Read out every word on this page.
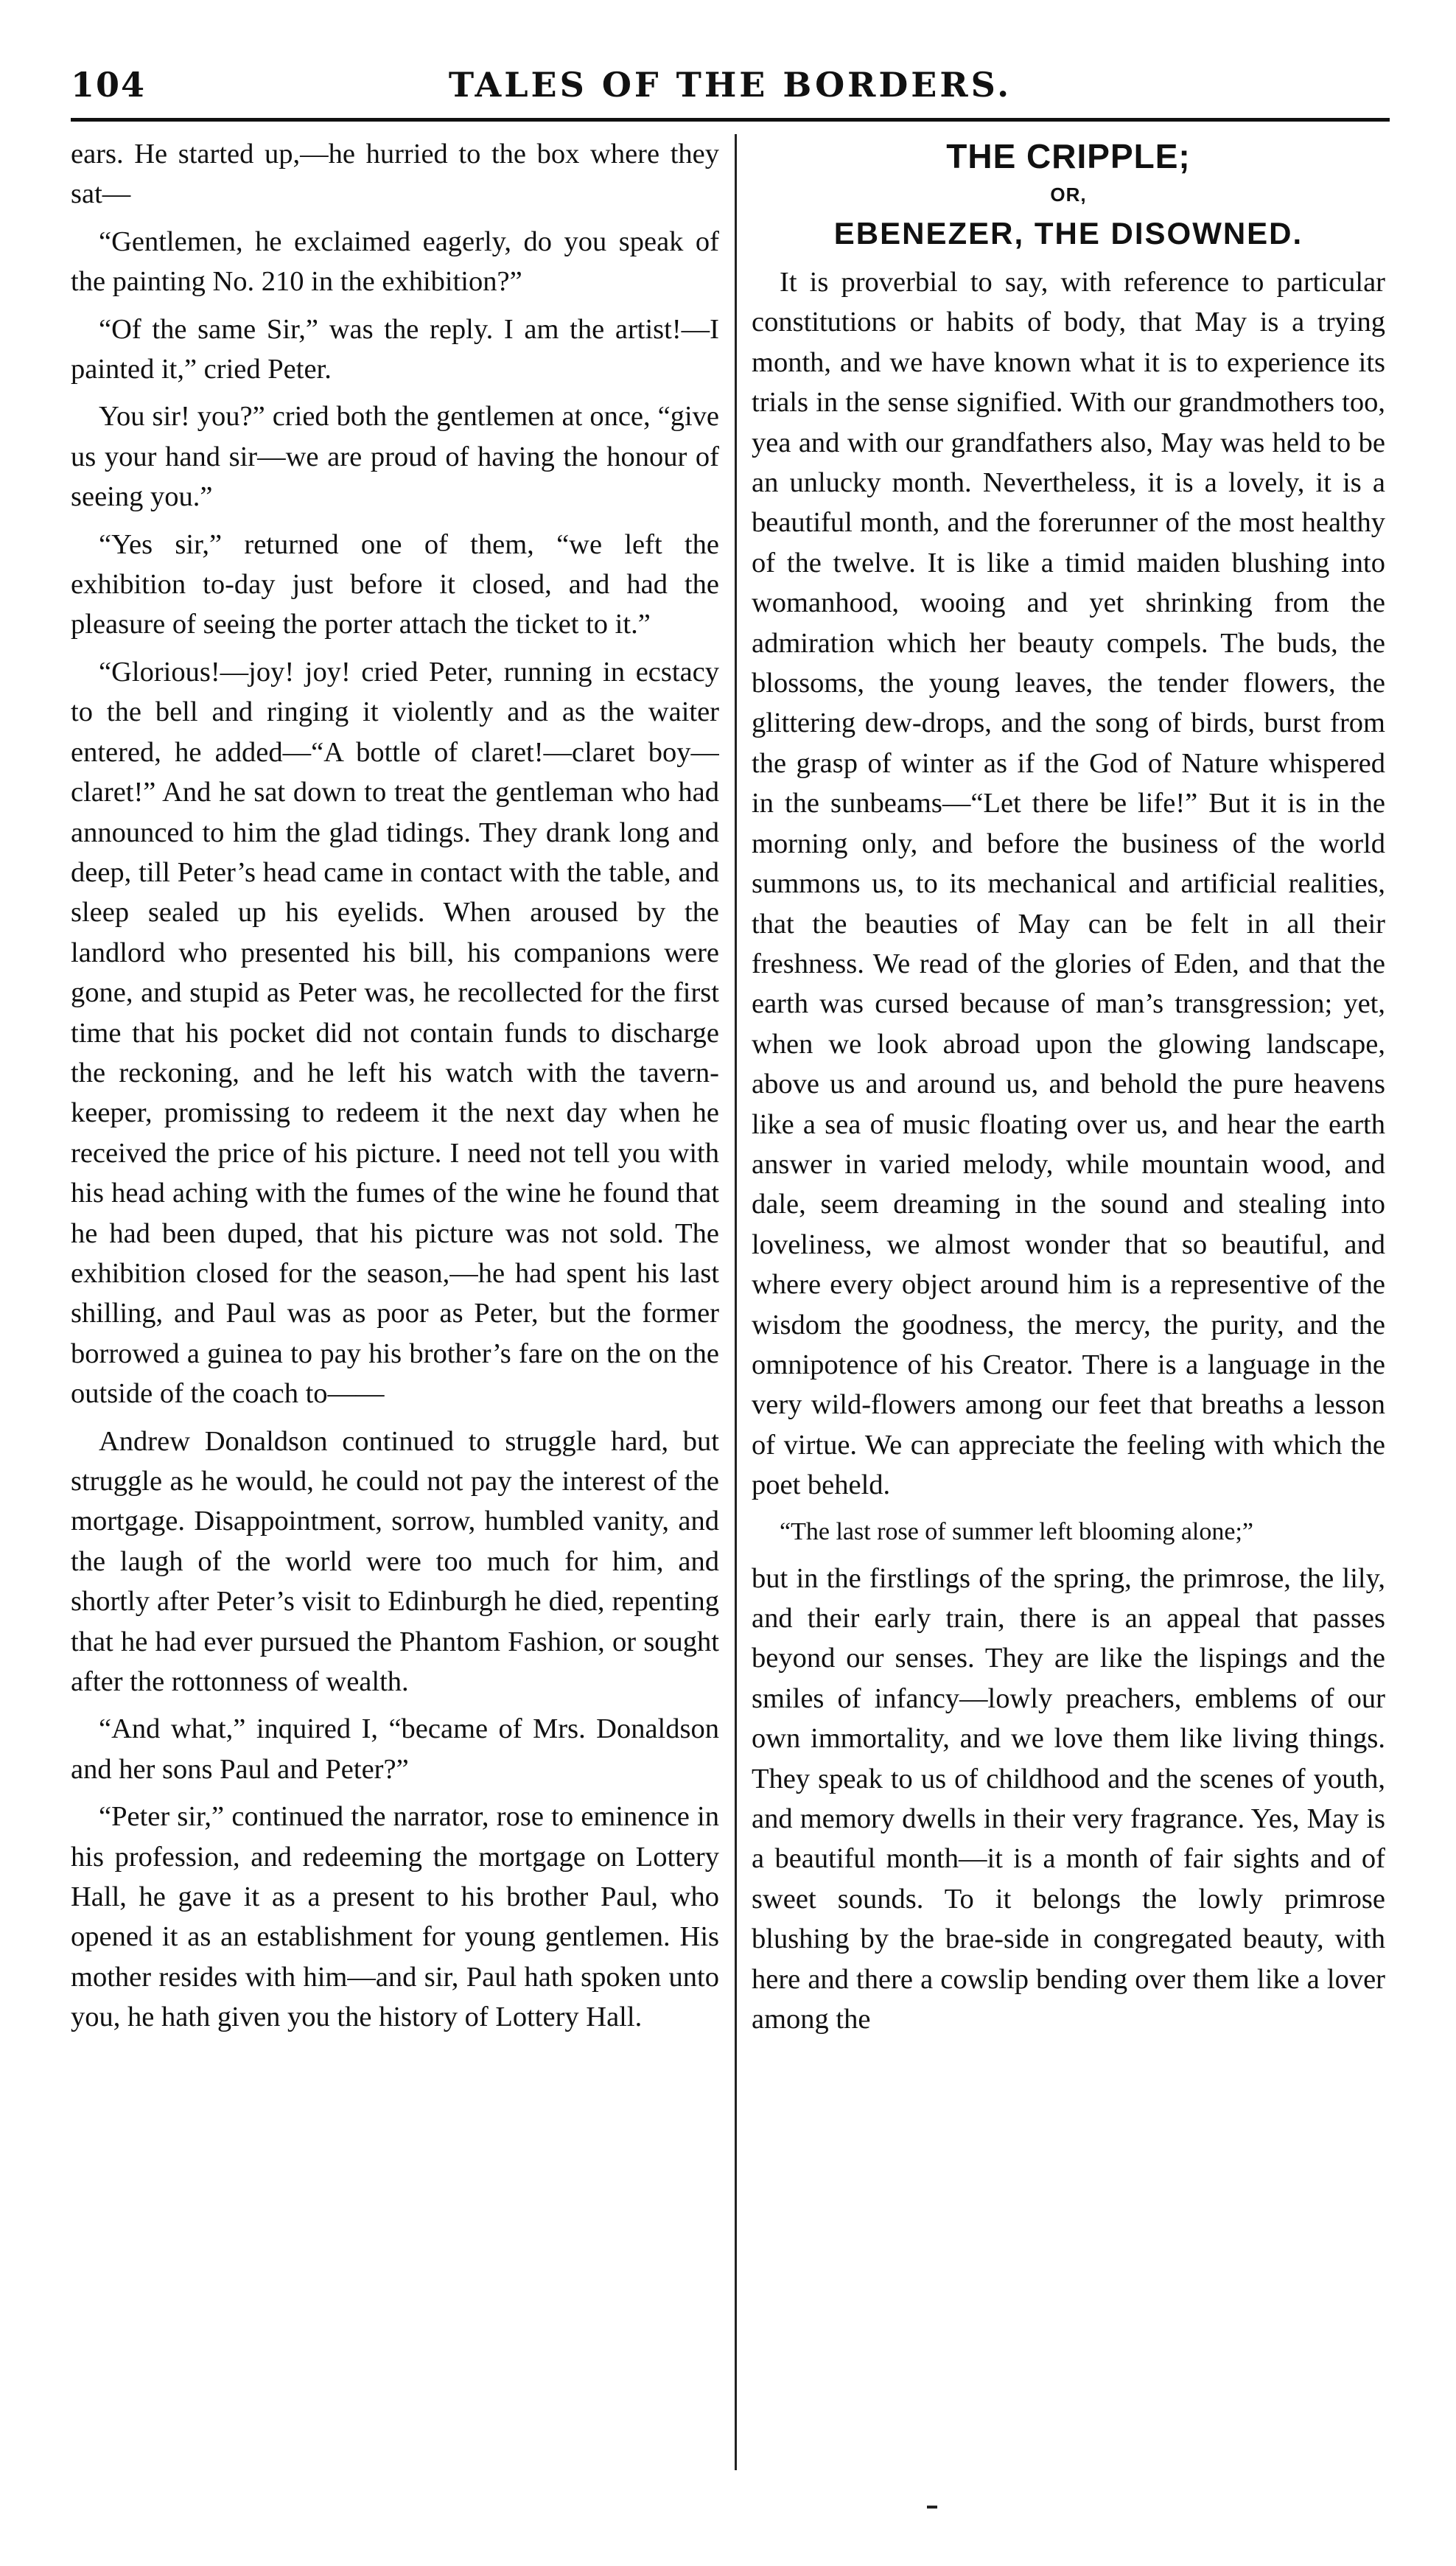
104	TALES OF THE BORDERS.

ears. He started up,—he hurried to the box where they sat—

“Gentlemen, he exclaimed eagerly, do you speak of the painting No. 210 in the exhibition?”

“Of the same Sir,” was the reply. I am the artist!—I painted it,” cried Peter.

You sir! you?” cried both the gentlemen at once, “give us your hand sir—we are proud of having the honour of seeing you.”

“Yes sir,” returned one of them, “we left the exhibition to-day just before it closed, and had the pleasure of seeing the porter attach the ticket to it.”

“Glorious!—joy! joy! cried Peter, running in ecstacy to the bell and ringing it violently and as the waiter entered, he added—“A bottle of claret!—claret boy—claret!” And he sat down to treat the gentleman who had announced to him the glad tidings. They drank long and deep, till Peter’s head came in contact with the table, and sleep sealed up his eyelids. When aroused by the landlord who presented his bill, his companions were gone, and stupid as Peter was, he recollected for the first time that his pocket did not contain funds to discharge the reckoning, and he left his watch with the tavern-keeper, promissing to redeem it the next day when he received the price of his picture. I need not tell you with his head aching with the fumes of the wine he found that he had been duped, that his picture was not sold. The exhibition closed for the season,—he had spent his last shilling, and Paul was as poor as Peter, but the former borrowed a guinea to pay his brother’s fare on the on the outside of the coach to——

Andrew Donaldson continued to struggle hard, but struggle as he would, he could not pay the interest of the mortgage. Disappointment, sorrow, humbled vanity, and the laugh of the world were too much for him, and shortly after Peter’s visit to Edinburgh he died, repenting that he had ever pursued the Phantom Fashion, or sought after the rottonness of wealth.

“And what,” inquired I, “became of Mrs. Donaldson and her sons Paul and Peter?”

“Peter sir,” continued the narrator, rose to eminence in his profession, and redeeming the mortgage on Lottery Hall, he gave it as a present to his brother Paul, who opened it as an establishment for young gentlemen. His mother resides with him—and sir, Paul hath spoken unto you, he hath given you the history of Lottery Hall.

THE CRIPPLE;
OR,
EBENEZER, THE DISOWNED.

It is proverbial to say, with reference to particular constitutions or habits of body, that May is a trying month, and we have known what it is to experience its trials in the sense signified. With our grandmothers too, yea and with our grandfathers also, May was held to be an unlucky month. Nevertheless, it is a lovely, it is a beautiful month, and the forerunner of the most healthy of the twelve. It is like a timid maiden blushing into womanhood, wooing and yet shrinking from the admiration which her beauty compels. The buds, the blossoms, the young leaves, the tender flowers, the glittering dew-drops, and the song of birds, burst from the grasp of winter as if the God of Nature whispered in the sunbeams—“Let there be life!” But it is in the morning only, and before the business of the world summons us, to its mechanical and artificial realities, that the beauties of May can be felt in all their freshness. We read of the glories of Eden, and that the earth was cursed because of man’s transgression; yet, when we look abroad upon the glowing landscape, above us and around us, and behold the pure heavens like a sea of music floating over us, and hear the earth answer in varied melody, while mountain wood, and dale, seem dreaming in the sound and stealing into loveliness, we almost wonder that so beautiful, and where every object around him is a representive of the wisdom the goodness, the mercy, the purity, and the omnipotence of his Creator. There is a language in the very wild-flowers among our feet that breaths a lesson of virtue. We can appreciate the feeling with which the poet beheld.

“The last rose of summer left blooming alone;”

but in the firstlings of the spring, the primrose, the lily, and their early train, there is an appeal that passes beyond our senses. They are like the lispings and the smiles of infancy—lowly preachers, emblems of our own immortality, and we love them like living things. They speak to us of childhood and the scenes of youth, and memory dwells in their very fragrance. Yes, May is a beautiful month—it is a month of fair sights and of sweet sounds. To it belongs the lowly primrose blushing by the brae-side in congregated beauty, with here and there a cowslip bending over them like a lover among the
